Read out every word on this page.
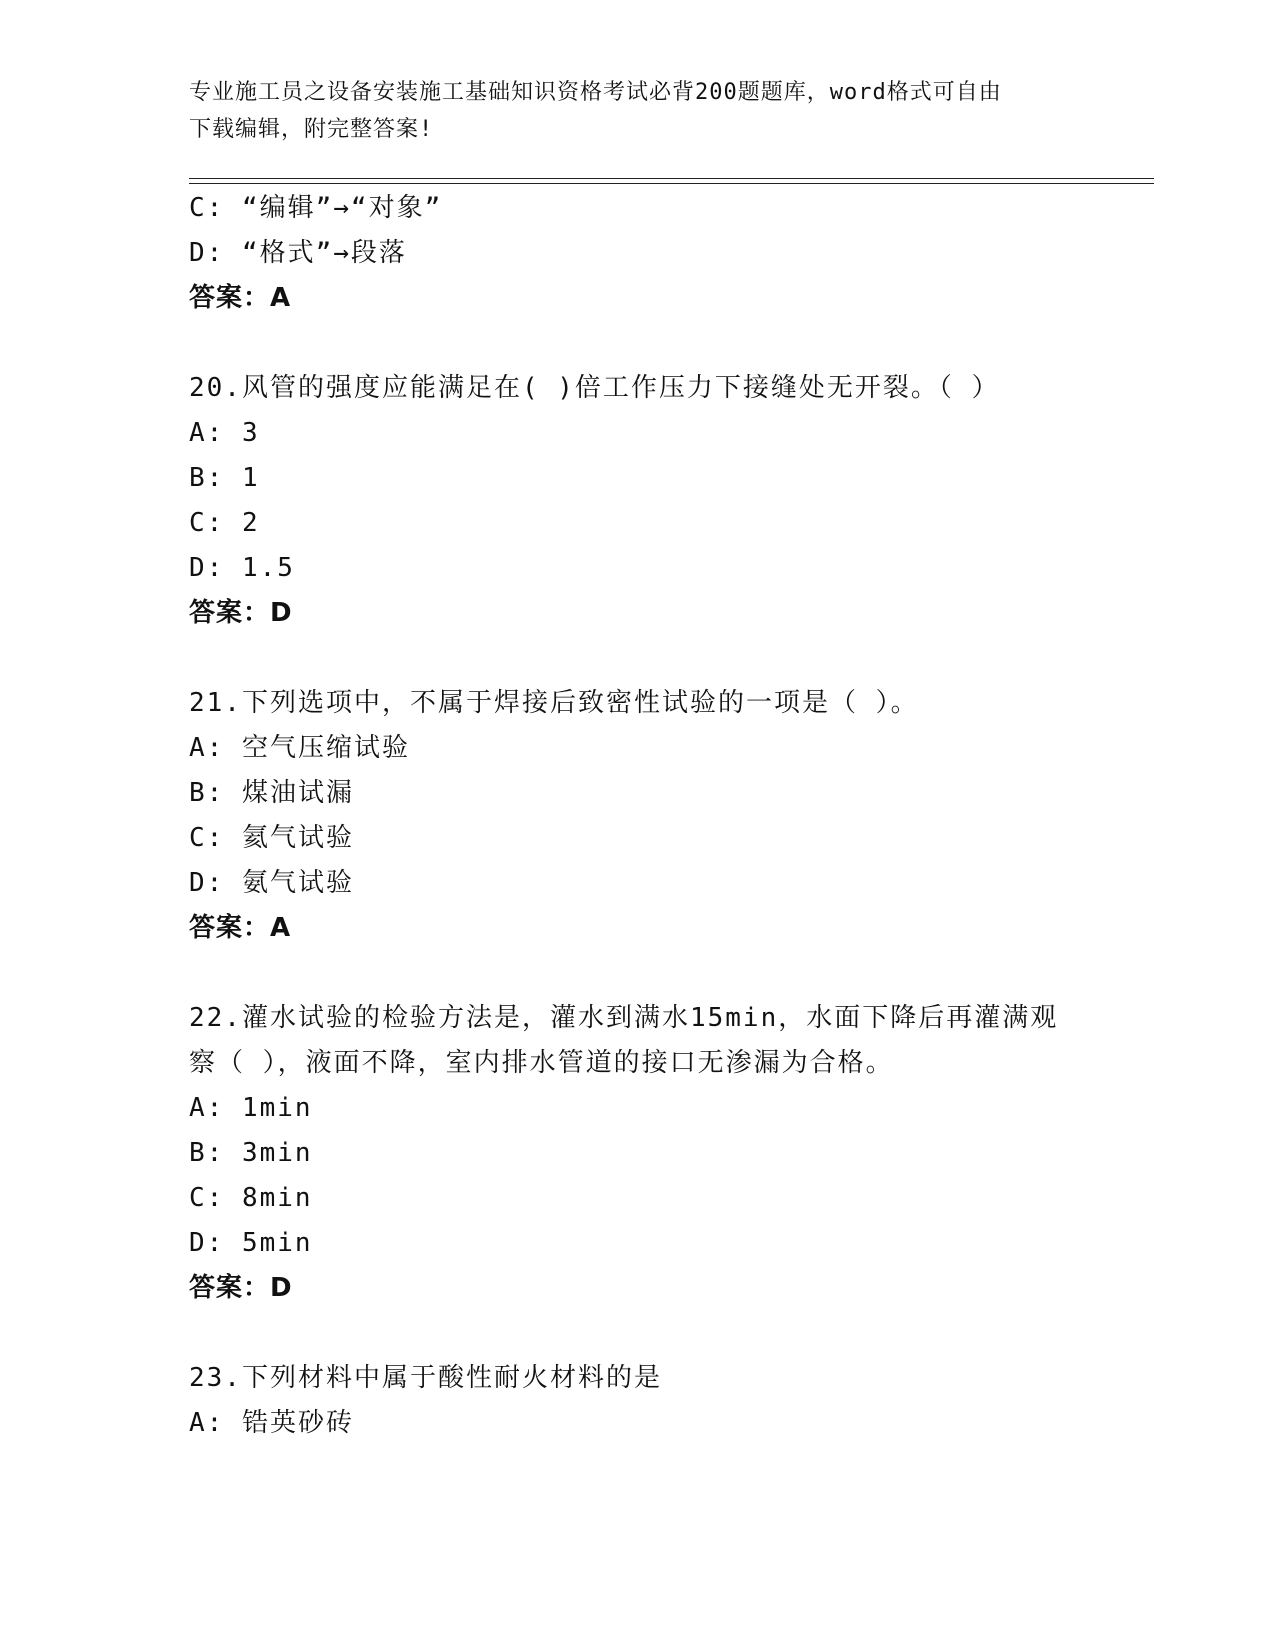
专业施工员之设备安装施工基础知识资格考试必背200题题库，word格式可自由
下载编辑，附完整答案!
C: “编辑”→“对象”
D: “格式”→段落
答案：A
20.风管的强度应能满足在( )倍工作压力下接缝处无开裂。（ ）
A: 3
B: 1
C: 2
D: 1.5
答案：D
21.下列选项中，不属于焊接后致密性试验的一项是（ ）。
A: 空气压缩试验
B: 煤油试漏
C: 氦气试验
D: 氨气试验
答案：A
22.灌水试验的检验方法是，灌水到满水15min，水面下降后再灌满观
察（ ），液面不降，室内排水管道的接口无渗漏为合格。
A: 1min
B: 3min
C: 8min
D: 5min
答案：D
23.下列材料中属于酸性耐火材料的是
A: 锆英砂砖
